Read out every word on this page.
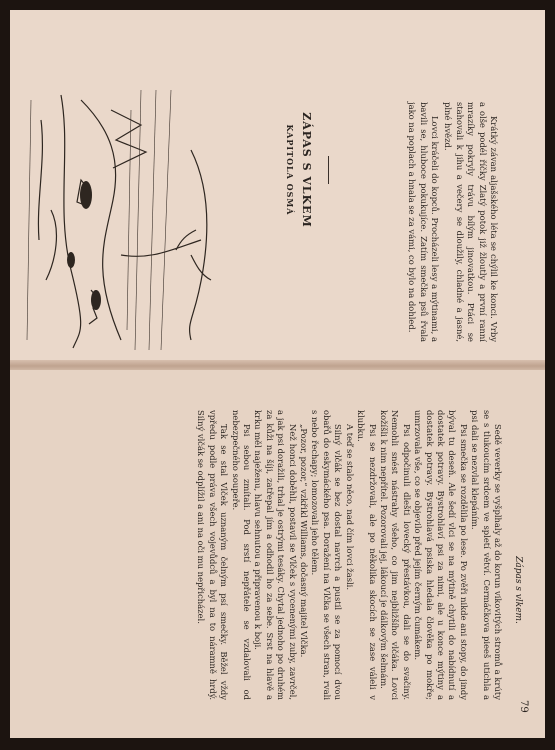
KAPITOLA OSMÁ ZÁPAS S VLKEM	Krátký závan aljašského léta se chýlil ke konci. Vrby a olše podél říčky Zlatý potok již žloutly a první ranní mrazíky pokryly trávu bílým jinovatkou. Ptáci se stahovali k jihu a večery se dloužily, chladné a jasné, plné hvězd.

Lovci kráčeli do kopců. Procházeli lesy a mýtinami, a bavili se, hluboce pokukujíce. Zatím smečka psů řvala jako na poplach a hnala se za vámi, co bylo na dohled.

Zápas s vlkem.
79

Sedě veverky se vyšplhaly až do korun vikovitých stromů a krúty se s tlukoucím srdcem ve spletí větví. Cermáčkova pieeš utichla a psi dali se nezvlal klepáním.

Psi smečka se rozdělila po lese. Po zvěři nikde ani stopy, do jindy býval tu deseň. Ale šedí vlci se na mýtině chytili do nabídnutí a dostatek potravy. Bystrohlaví psi za nimi, ale u konce mýtiny a dostatek potravy. Bystrohlavá psiska hledala člověka po mokře; umrzovala vše, co se objevilo před jejím černým čumákem.

Psi odpočinuli dlešti lovecký přestávkou, dali se do svačiny. Nemohli snést nástrahy všeho, co jim nejbližšího vlčáka. Lovci kožíšli k nim nepřítel. Pozorovali jej, lákoucí je dálkovým šelmám.

Psi se nezdržovali, ale po několika skocích se zase váleli v klubku.

A teď se stalo něco, nad čím lovci žasli.

Silný vlčák se bez dostal navrch a pustil se za pomocí dvou obařů do eskymáckého psa. Doražení na Vlčka se všech stran, rvali s nebo řechapy; lomozovali jeho tělem.

„Pozor, pozor,“ vzkřikl Williams, dočasný majitel Vlčka.

Než honci doběhli, postavil se Vlček s vycenenými zuby, zavrčel, a jak psi doražili, trhal je ostrými tesáky. Chytal jednoho po druhém za kůži na šíji, zatřepal jím a odhodil ho za sebe. Srst na hlavě a krku měl naježenu, hlavu sehnutou a připravenou k boji.

Psi sebou zmítali. Pod srstí nepřátele se vzdalovali od nebezpečného soupeře.

Tak se stal Vlček uznaným čelným psí smečky. Běžel vždy vpředu podle práva všech vojevůdců a byl na to náramně hrdý. Silný vlčák se odplížil a ani na oči mu nepřicházel.
